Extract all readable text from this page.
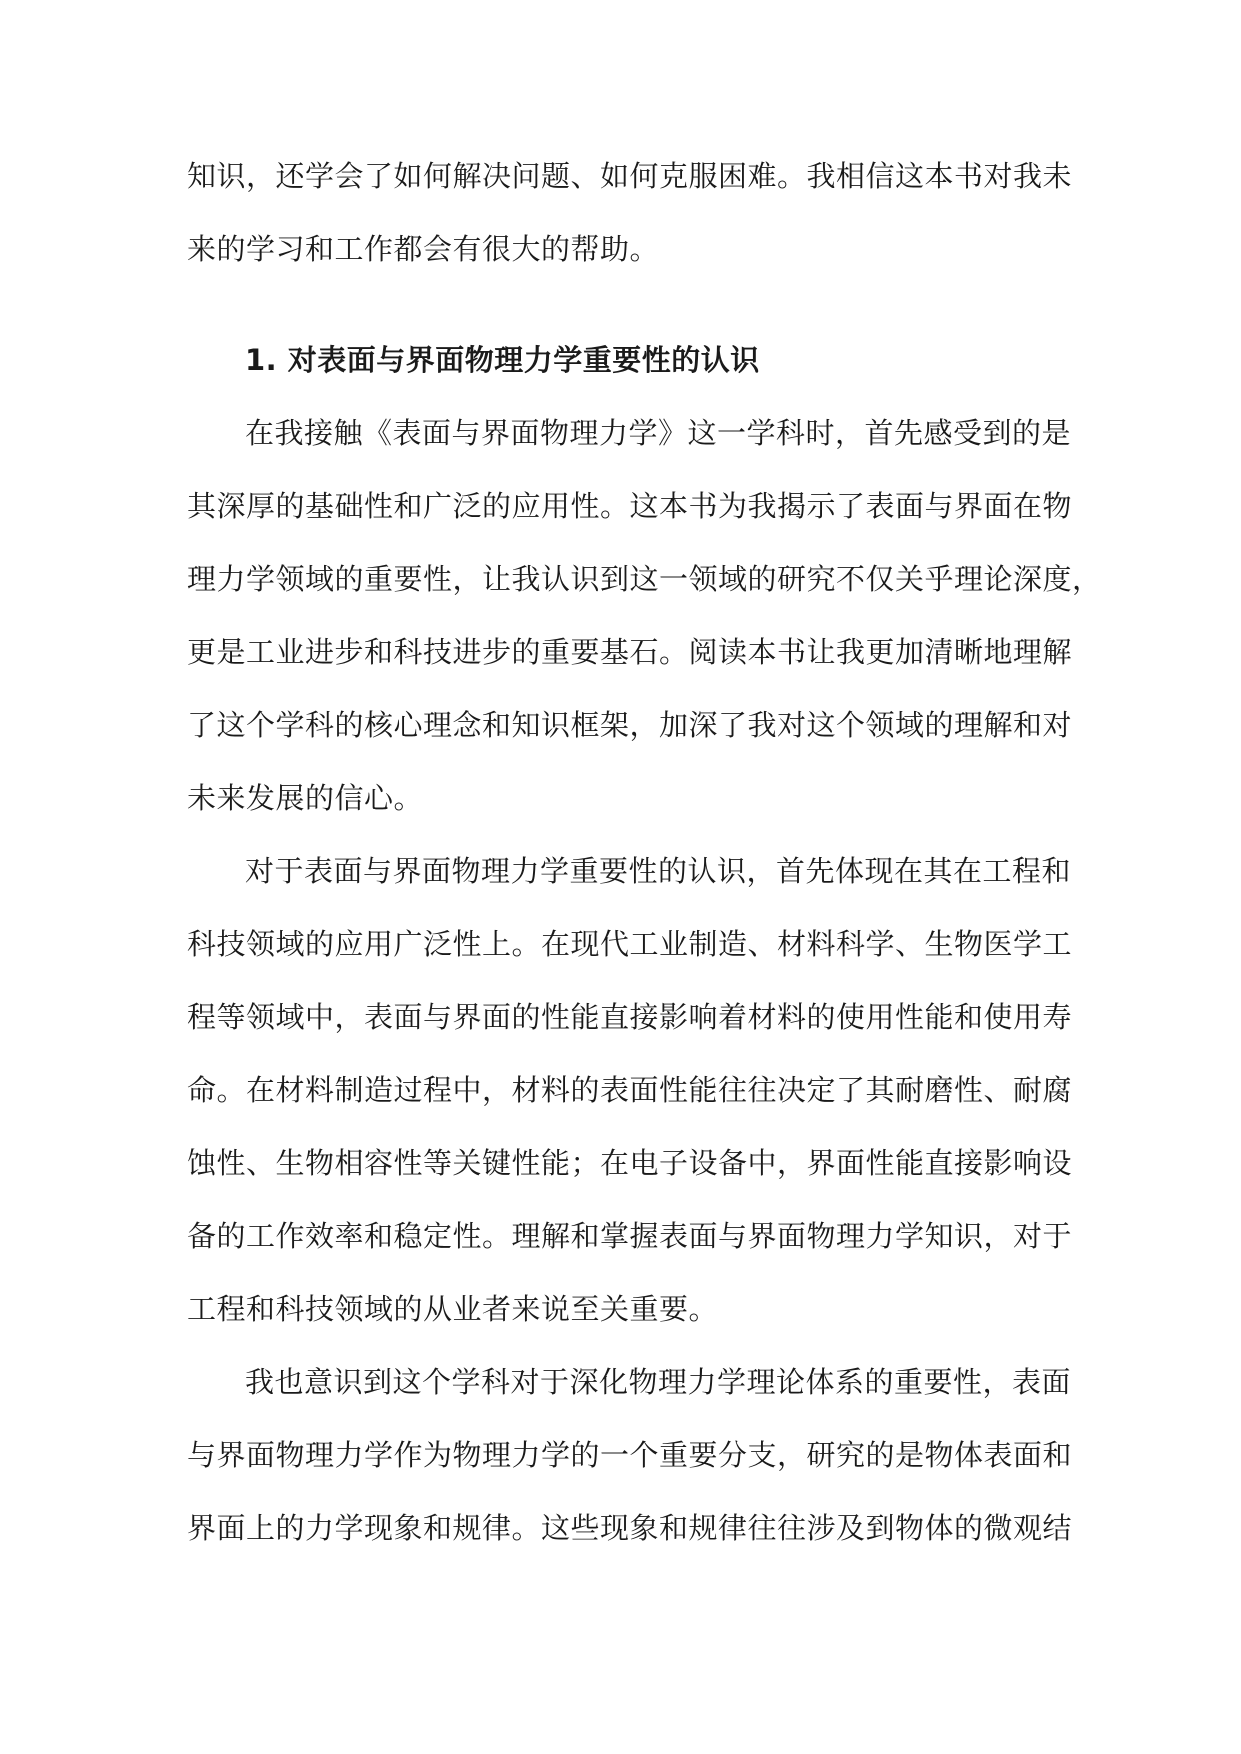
知识，还学会了如何解决问题、如何克服困难。我相信这本书对我未
来的学习和工作都会有很大的帮助。
1. 对表面与界面物理力学重要性的认识
在我接触《表面与界面物理力学》这一学科时，首先感受到的是
其深厚的基础性和广泛的应用性。这本书为我揭示了表面与界面在物
理力学领域的重要性，让我认识到这一领域的研究不仅关乎理论深度，
更是工业进步和科技进步的重要基石。阅读本书让我更加清晰地理解
了这个学科的核心理念和知识框架，加深了我对这个领域的理解和对
未来发展的信心。
对于表面与界面物理力学重要性的认识，首先体现在其在工程和
科技领域的应用广泛性上。在现代工业制造、材料科学、生物医学工
程等领域中，表面与界面的性能直接影响着材料的使用性能和使用寿
命。在材料制造过程中，材料的表面性能往往决定了其耐磨性、耐腐
蚀性、生物相容性等关键性能；在电子设备中，界面性能直接影响设
备的工作效率和稳定性。理解和掌握表面与界面物理力学知识，对于
工程和科技领域的从业者来说至关重要。
我也意识到这个学科对于深化物理力学理论体系的重要性，表面
与界面物理力学作为物理力学的一个重要分支，研究的是物体表面和
界面上的力学现象和规律。这些现象和规律往往涉及到物体的微观结
